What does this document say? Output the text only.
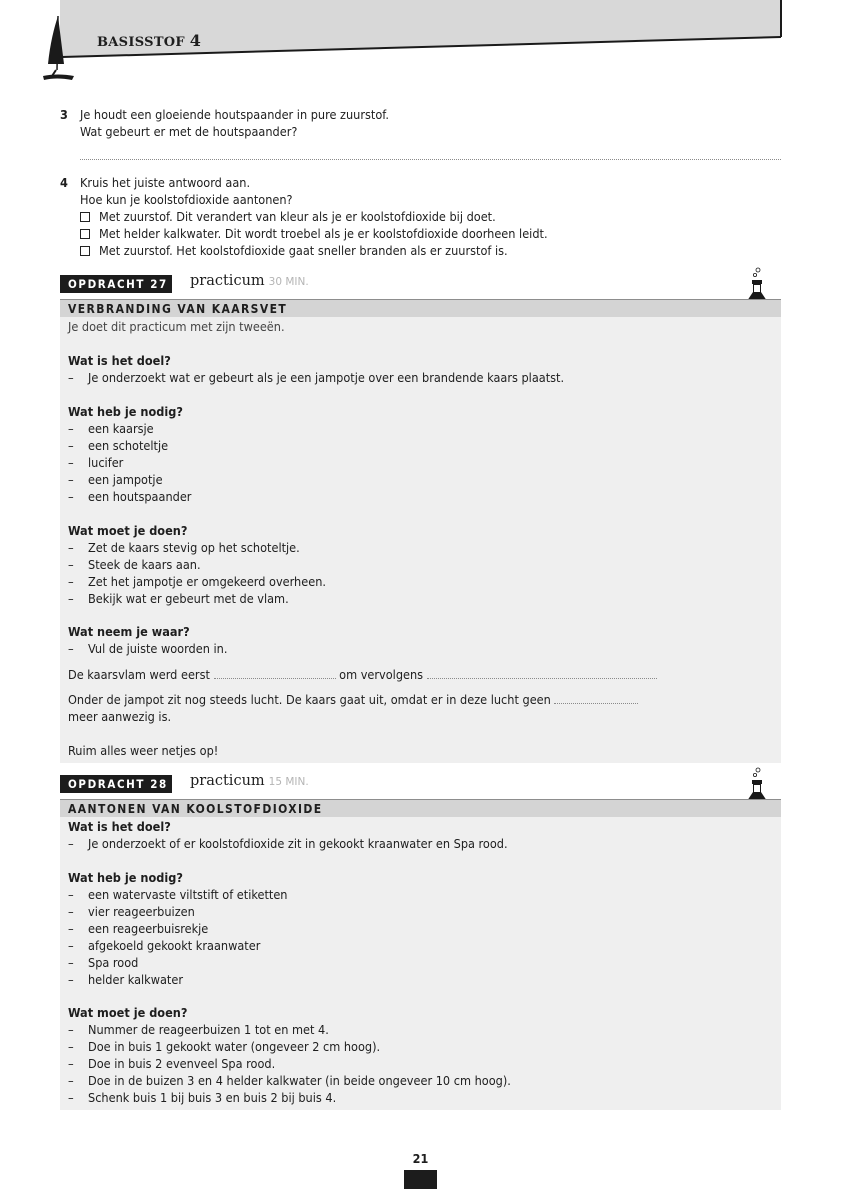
BASISSTOF 4
3 Je houdt een gloeiende houtspaander in pure zuurstof.
Wat gebeurt er met de houtspaander?
4 Kruis het juiste antwoord aan.
Hoe kun je koolstofdioxide aantonen?
Met zuurstof. Dit verandert van kleur als je er koolstofdioxide bij doet.
Met helder kalkwater. Dit wordt troebel als je er koolstofdioxide doorheen leidt.
Met zuurstof. Het koolstofdioxide gaat sneller branden als er zuurstof is.
OPDRACHT 27 practicum 30 MIN.
VERBRANDING VAN KAARSVET
Je doet dit practicum met zijn tweeën.
Wat is het doel?
– Je onderzoekt wat er gebeurt als je een jampotje over een brandende kaars plaatst.
Wat heb je nodig?
– een kaarsje
– een schoteltje
– lucifer
– een jampotje
– een houtspaander
Wat moet je doen?
– Zet de kaars stevig op het schoteltje.
– Steek de kaars aan.
– Zet het jampotje er omgekeerd overheen.
– Bekijk wat er gebeurt met de vlam.
Wat neem je waar?
– Vul de juiste woorden in.
De kaarsvlam werd eerst	om vervolgens
Onder de jampot zit nog steeds lucht. De kaars gaat uit, omdat er in deze lucht geen
meer aanwezig is.
Ruim alles weer netjes op!
OPDRACHT 28 practicum 15 MIN.
AANTONEN VAN KOOLSTOFDIOXIDE
Wat is het doel?
– Je onderzoekt of er koolstofdioxide zit in gekookt kraanwater en Spa rood.
Wat heb je nodig?
– een watervaste viltstift of etiketten
– vier reageerbuizen
– een reageerbuisrekje
– afgekoeld gekookt kraanwater
– Spa rood
– helder kalkwater
Wat moet je doen?
– Nummer de reageerbuizen 1 tot en met 4.
– Doe in buis 1 gekookt water (ongeveer 2 cm hoog).
– Doe in buis 2 evenveel Spa rood.
– Doe in de buizen 3 en 4 helder kalkwater (in beide ongeveer 10 cm hoog).
– Schenk buis 1 bij buis 3 en buis 2 bij buis 4.
21
